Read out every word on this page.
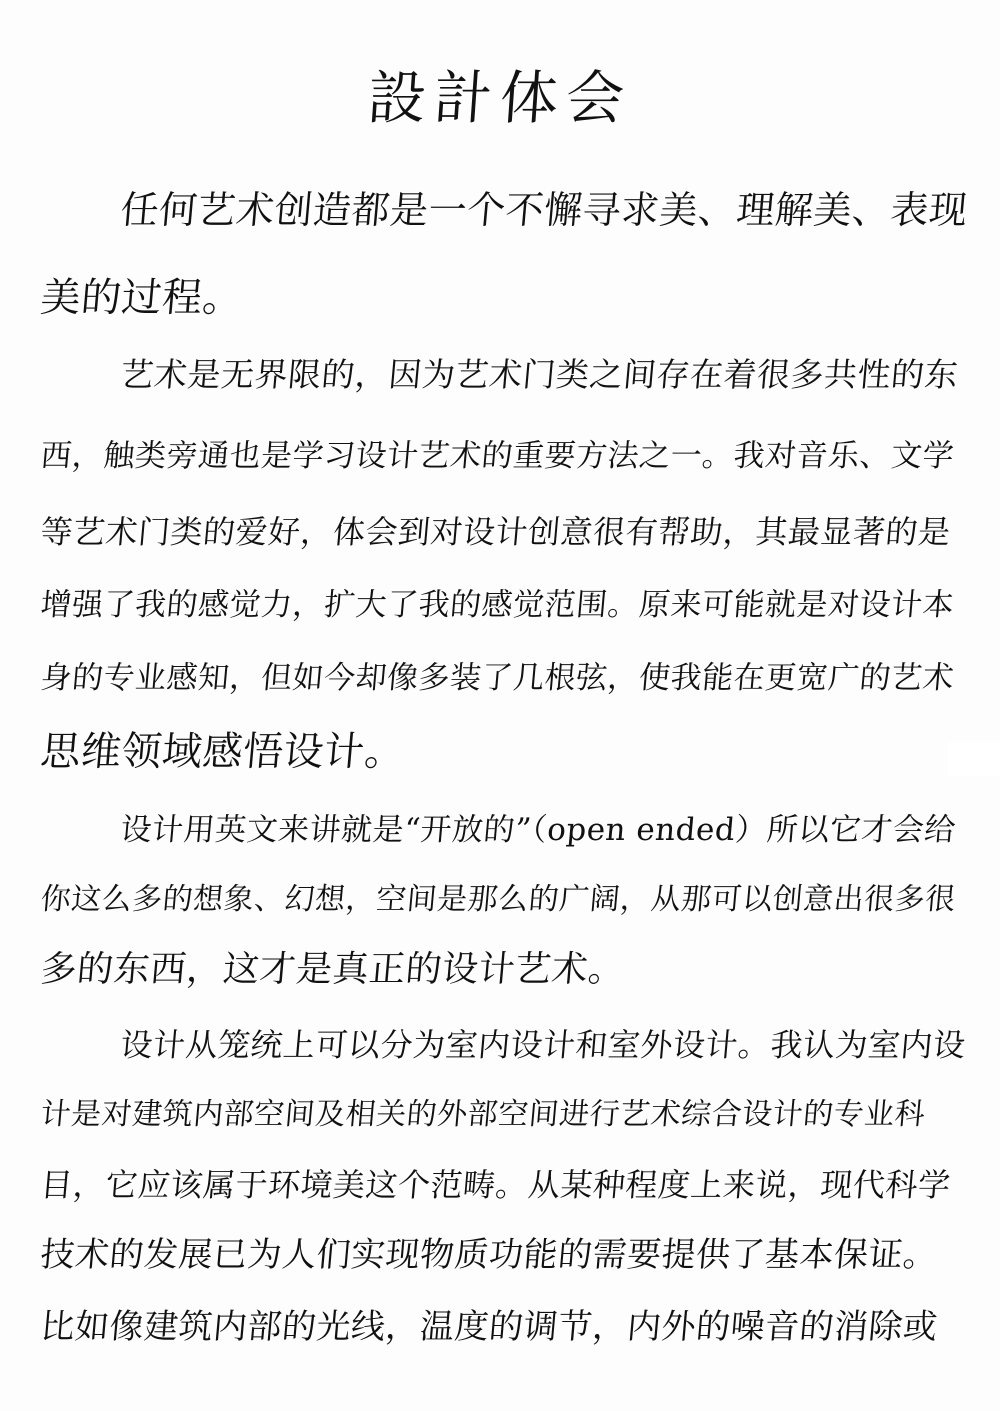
設計体会
任何艺术创造都是一个不懈寻求美、理解美、表现
美的过程。
艺术是无界限的，因为艺术门类之间存在着很多共性的东
西，触类旁通也是学习设计艺术的重要方法之一。我对音乐、文学
等艺术门类的爱好，体会到对设计创意很有帮助，其最显著的是
增强了我的感觉力，扩大了我的感觉范围。原来可能就是对设计本
身的专业感知，但如今却像多装了几根弦，使我能在更宽广的艺术
思维领域感悟设计。
设计用英文来讲就是“开放的”（open ended）所以它才会给
你这么多的想象、幻想，空间是那么的广阔，从那可以创意出很多很
多的东西，这才是真正的设计艺术。
设计从笼统上可以分为室内设计和室外设计。我认为室内设
计是对建筑内部空间及相关的外部空间进行艺术综合设计的专业科
目，它应该属于环境美这个范畴。从某种程度上来说，现代科学
技术的发展已为人们实现物质功能的需要提供了基本保证。
比如像建筑内部的光线，温度的调节，内外的噪音的消除或
